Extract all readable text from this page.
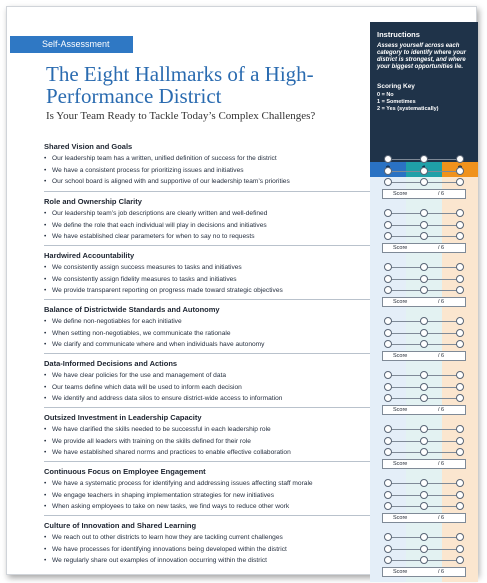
Self-Assessment
The Eight Hallmarks of a High-Performance District
Is Your Team Ready to Tackle Today’s Complex Challenges?
Shared Vision and Goals
• Our leadership team has a written, unified definition of success for the district
• We have a consistent process for prioritizing issues and initiatives
• Our school board is aligned with and supportive of our leadership team’s priorities
Role and Ownership Clarity
• Our leadership team’s job descriptions are clearly written and well-defined
• We define the role that each individual will play in decisions and initiatives
• We have established clear parameters for when to say no to requests
Hardwired Accountability
• We consistently assign success measures to tasks and initiatives
• We consistently assign fidelity measures to tasks and initiatives
• We provide transparent reporting on progress made toward strategic objectives
Balance of Districtwide Standards and Autonomy
• We define non-negotiables for each initiative
• When setting non-negotiables, we communicate the rationale
• We clarify and communicate where and when individuals have autonomy
Data-Informed Decisions and Actions
• We have clear policies for the use and management of data
• Our teams define which data will be used to inform each decision
• We identify and address data silos to ensure district-wide access to information
Outsized Investment in Leadership Capacity
• We have clarified the skills needed to be successful in each leadership role
• We provide all leaders with training on the skills defined for their role
• We have established shared norms and practices to enable effective collaboration
Continuous Focus on Employee Engagement
• We have a systematic process for identifying and addressing issues affecting staff morale
• We engage teachers in shaping implementation strategies for new initiatives
• When asking employees to take on new tasks, we find ways to reduce other work
Culture of Innovation and Shared Learning
• We reach out to other districts to learn how they are tackling current challenges
• We have processes for identifying innovations being developed within the district
• We regularly share out examples of innovation occurring within the district
Instructions

Assess yourself across each category to identify where your district is strongest, and where your biggest opportunities lie.

Scoring Key
0 = No
1 = Sometimes
2 = Yes (systematically)
Score	/ 6
Score	/ 6
Score	/ 6
Score	/ 6
Score	/ 6
Score	/ 6
Score	/ 6
Score	/ 6
